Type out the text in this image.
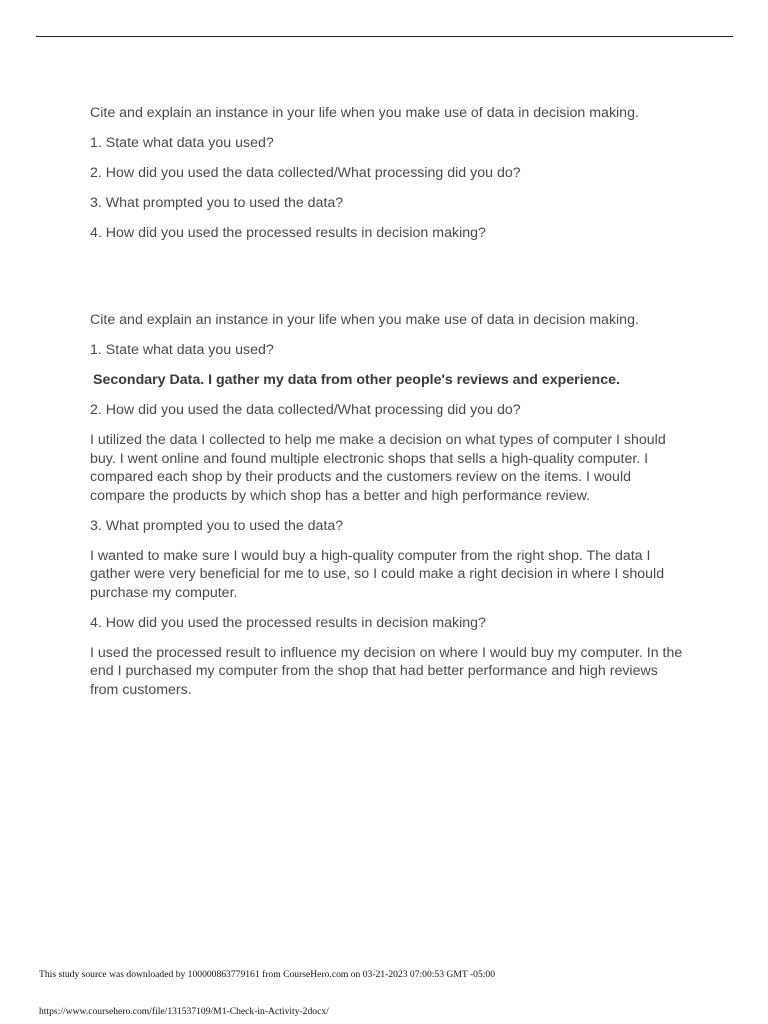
Cite and explain an instance in your life when you make use of data in decision making.

1. State what data you used?

2. How did you used the data collected/What processing did you do?

3. What prompted you to used the data?

4. How did you used the processed results in decision making?

Cite and explain an instance in your life when you make use of data in decision making.

1. State what data you used?

Secondary Data. I gather my data from other people's reviews and experience.

2. How did you used the data collected/What processing did you do?

I utilized the data I collected to help me make a decision on what types of computer I should buy. I went online and found multiple electronic shops that sells a high-quality computer. I compared each shop by their products and the customers review on the items. I would compare the products by which shop has a better and high performance review.

3. What prompted you to used the data?

I wanted to make sure I would buy a high-quality computer from the right shop. The data I gather were very beneficial for me to use, so I could make a right decision in where I should purchase my computer.

4. How did you used the processed results in decision making?

I used the processed result to influence my decision on where I would buy my computer. In the end I purchased my computer from the shop that had better performance and high reviews from customers.

This study source was downloaded by 100000863779161 from CourseHero.com on 03-21-2023 07:00:53 GMT -05:00
https://www.coursehero.com/file/131537109/M1-Check-in-Activity-2docx/
